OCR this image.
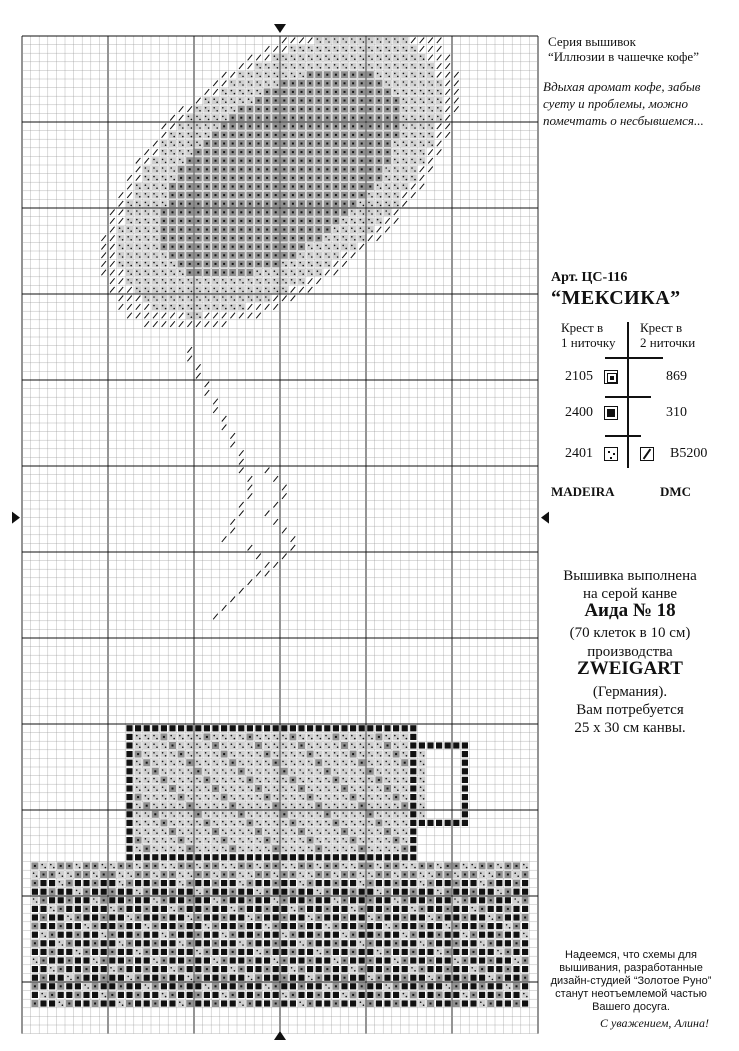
Серия вышивок
“Иллюзии в чашечке кофе”
Вдыхая аромат кофе, забыв
суету и проблемы, можно
помечтать о несбывшемся...
Арт. ЦС-116
“МЕКСИКА”
Крест в
1 ниточку
Крест в
2 ниточки
2105	869
2400	310
2401	B5200
MADEIRA	DMC
Вышивка выполнена
на серой канве
Аида № 18
(70 клеток в 10 см)
производства
ZWEIGART
(Германия).
Вам потребуется
25 х 30 см канвы.
Надеемся, что схемы для
вышивания, разработанные
дизайн-студией “Золотое Руно”
станут неотъемлемой частью
Вашего досуга.
С уважением, Алина!
